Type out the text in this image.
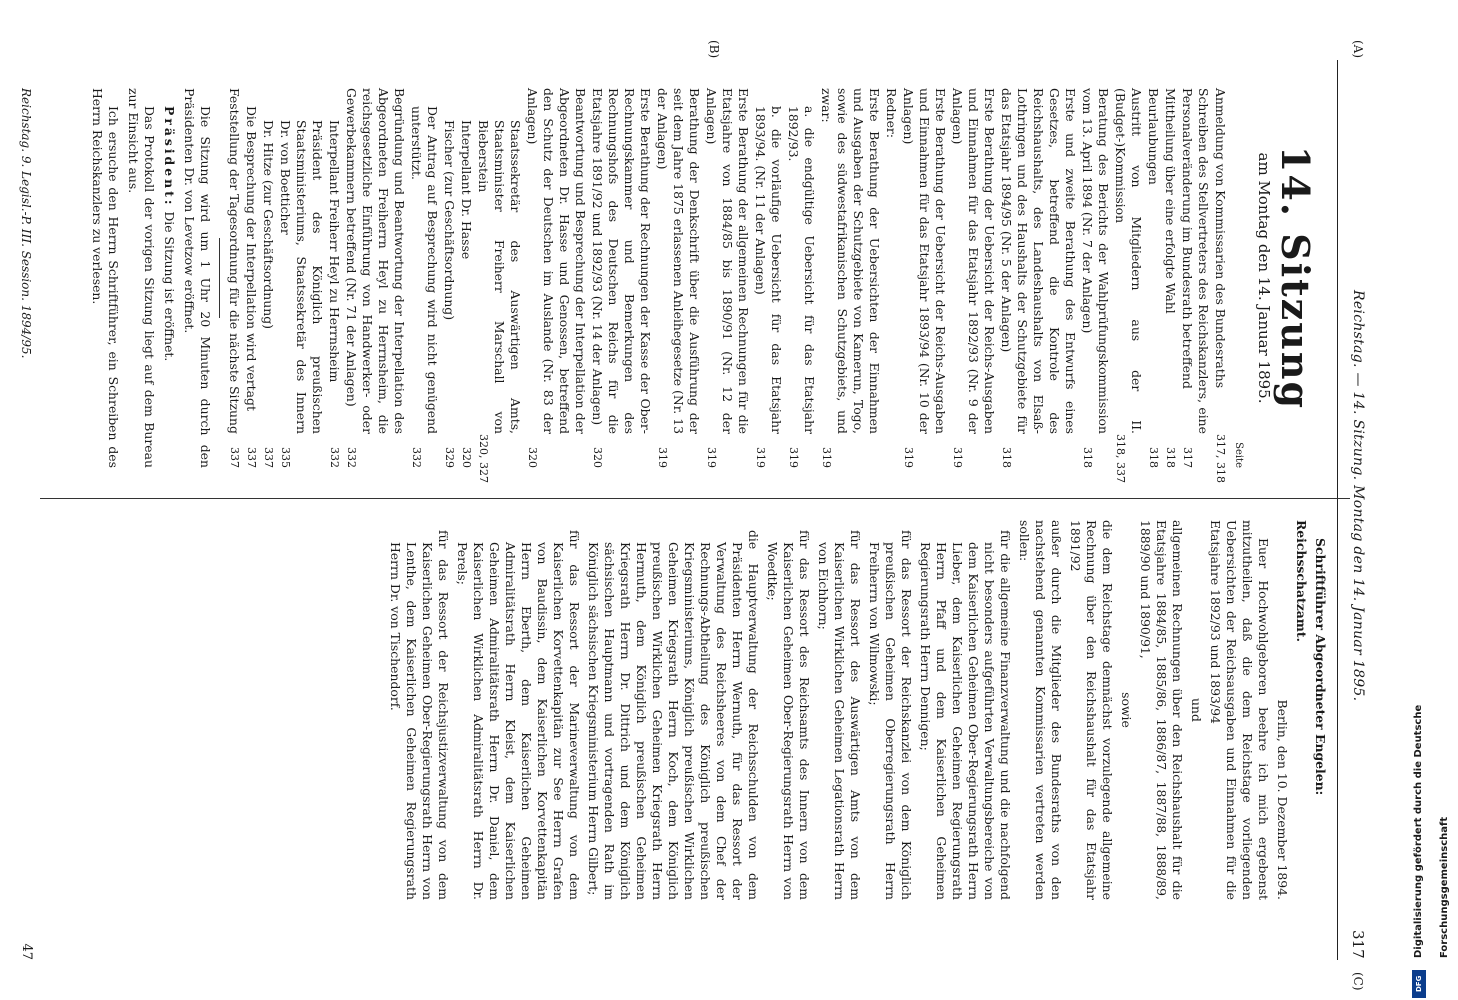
(A)
Reichstag. — 14. Sitzung. Montag den 14. Januar 1895.
317
(C)
(B)
14. Sitzung
am Montag den 14. Januar 1895.
Seite
Anmeldung von Kommissarien des Bundesraths
317, 318
Schreiben des Stellvertreters des Reichskanzlers, eine Personalveränderung im Bundesrath betreffend
317
Mittheilung über eine erfolgte Wahl
318
Beurlaubungen
318
Austritt von Mitgliedern aus der II. (Budget-)Kommission
318, 337
Beratung des Berichts der Wahlprüfungskommission vom 13. April 1894 (Nr. 7 der Anlagen)
318
Erste und zweite Berathung des Entwurfs eines Gesetzes, betreffend die Kontrole des Reichshaushalts, des Landeshaushalts von Elsaß-Lothringen und des Haushalts der Schutzgebiete für das Etatsjahr 1894/95 (Nr. 5 der Anlagen)
318
Erste Berathung der Uebersicht der Reichs-Ausgaben und Einnahmen für das Etatsjahr 1892/93 (Nr. 9 der Anlagen)
319
Erste Berathung der Uebersicht der Reichs-Ausgaben und Einnahmen für das Etatsjahr 1893/94 (Nr. 10 der Anlagen)
319
Redner:
Erste Berathung der Uebersichten der Einnahmen und Ausgaben der Schutzgebiete von Kamerun, Togo, sowie des südwestafrikanischen Schutzgebiets, und zwar:
319
a. die endgültige Uebersicht für das Etatsjahr 1892/93.
319
b. die vorläufige Uebersicht für das Etatsjahr 1893/94. (Nr. 11 der Anlagen)
319
Erste Berathung der allgemeinen Rechnungen für die Etatsjahre von 1884/85 bis 1890/91 (Nr. 12 der Anlagen)
319
Berathung der Denkschrift über die Ausführung der seit dem Jahre 1875 erlassenen Anleihegesetze (Nr. 13 der Anlagen)
319
Erste Berathung der Rechnungen der Kasse der Ober-Rechnungskammer und Bemerkungen des Rechnungshofs des Deutschen Reichs für die Etatsjahre 1891/92 und 1892/93 (Nr. 14 der Anlagen)
320
Beantwortung und Besprechung der Interpellation der Abgeordneten Dr. Hasse und Genossen, betreffend den Schutz der Deutschen im Auslande (Nr. 83 der Anlagen)
320
Staatssekretär des Auswärtigen Amts, Staatsminister Freiherr Marschall von Bieberstein
320, 327
Interpellant Dr. Hasse
320
Fischer (zur Geschäftsordnung)
329
Der Antrag auf Besprechung wird nicht genügend unterstützt.
332
Begründung und Beantwortung der Interpellation des Abgeordneten Freiherrn Heyl zu Herrnsheim, die reichsgesetzliche Einführung von Handwerker- oder Gewerbekammern betreffend (Nr. 71 der Anlagen)
332
Interpellant Freiherr Heyl zu Herrnsheim
332
Präsident des Königlich preußischen Staatsministeriums, Staatssekretär des Innern Dr. von Boetticher
335
Dr. Hitze (zur Geschäftsordnung)
337
Die Besprechung der Interpellation wird vertagt
337
Feststellung der Tagesordnung für die nächste Sitzung
337

Die Sitzung wird um 1 Uhr 20 Minuten durch den Präsidenten Dr. von Levetzow eröffnet.

Präsident: Die Sitzung ist eröffnet.

Das Protokoll der vorigen Sitzung liegt auf dem Bureau zur Einsicht aus.

Ich ersuche den Herrn Schriftführer, ein Schreiben des Herrn Reichskanzlers zu verlesen.

Schriftführer Abgeordneter Engelen:

Reichsschatzamt.

Berlin, den 10. Dezember 1894.

Euer Hochwohlgeboren beehre ich mich ergebenst mitzutheilen, daß die dem Reichstage vorliegenden Uebersichten der Reichsausgaben und Einnahmen für die Etatsjahre 1892/93 und 1893/94

und

allgemeinen Rechnungen über den Reichshaushalt für die Etatsjahre 1884/85, 1885/86, 1886/87, 1887/88, 1888/89, 1889/90 und 1890/91,

sowie

die dem Reichstage demnächst vorzulegende allgemeine Rechnung über den Reichshaushalt für das Etatsjahr 1891/92

außer durch die Mitglieder des Bundesraths von den nachstehend genannten Kommissarien vertreten werden sollen:

für die allgemeine Finanzverwaltung und die nachfolgend nicht besonders aufgeführten Verwaltungsbereiche von dem Kaiserlichen Geheimen Ober-Regierungsrath Herrn Lieber, dem Kaiserlichen Geheimen Regierungsrath Herrn Pfaff und dem Kaiserlichen Geheimen Regierungsrath Herrn Dennigen;
für das Ressort der Reichskanzlei von dem Königlich preußischen Geheimen Oberregierungsrath Herrn Freiherrn von Wilmowski;
für das Ressort des Auswärtigen Amts von dem Kaiserlichen Wirklichen Geheimen Legationsrath Herrn von Eichhorn;
für das Ressort des Reichsamts des Innern von dem Kaiserlichen Geheimen Ober-Regierungsrath Herrn von Woedtke;
die Hauptverwaltung der Reichsschulden von dem Präsidenten Herrn Wernuth, für das Ressort der Verwaltung des Reichsheeres von dem Chef der Rechnungs-Abtheilung des Königlich preußischen Kriegsministeriums, Königlich preußischen Wirklichen Geheimen Kriegsrath Herrn Koch, dem Königlich preußischen Wirklichen Geheimen Kriegsrath Herrn Hermuth, dem Königlich preußischen Geheimen Kriegsrath Herrn Dr. Dittrich und dem Königlich sächsischen Hauptmann und vortragenden Rath im Königlich sächsischen Kriegsministerium Herrn Gilbert;
für das Ressort der Marineverwaltung von dem Kaiserlichen Korvettenkapitän zur See Herrn Grafen von Baudissin, dem Kaiserlichen Korvettenkapitän Herrn Eberth, dem Kaiserlichen Geheimen Admiralitätsrath Herrn Kleist, dem Kaiserlichen Geheimen Admiralitätsrath Herrn Dr. Daniel, dem Kaiserlichen Wirklichen Admiralitätsrath Herrn Dr. Perels;
für das Ressort der Reichsjustizverwaltung von dem Kaiserlichen Geheimen Ober-Regierungsrath Herrn von Lenthe, dem Kaiserlichen Geheimen Regierungsrath Herrn Dr. von Tischendorf.
Reichstag. 9. Legisl.-P. III. Session. 1894/95.
47	Digitalisierung gefördert durch die Deutsche Forschungsgemeinschaft
DFG
